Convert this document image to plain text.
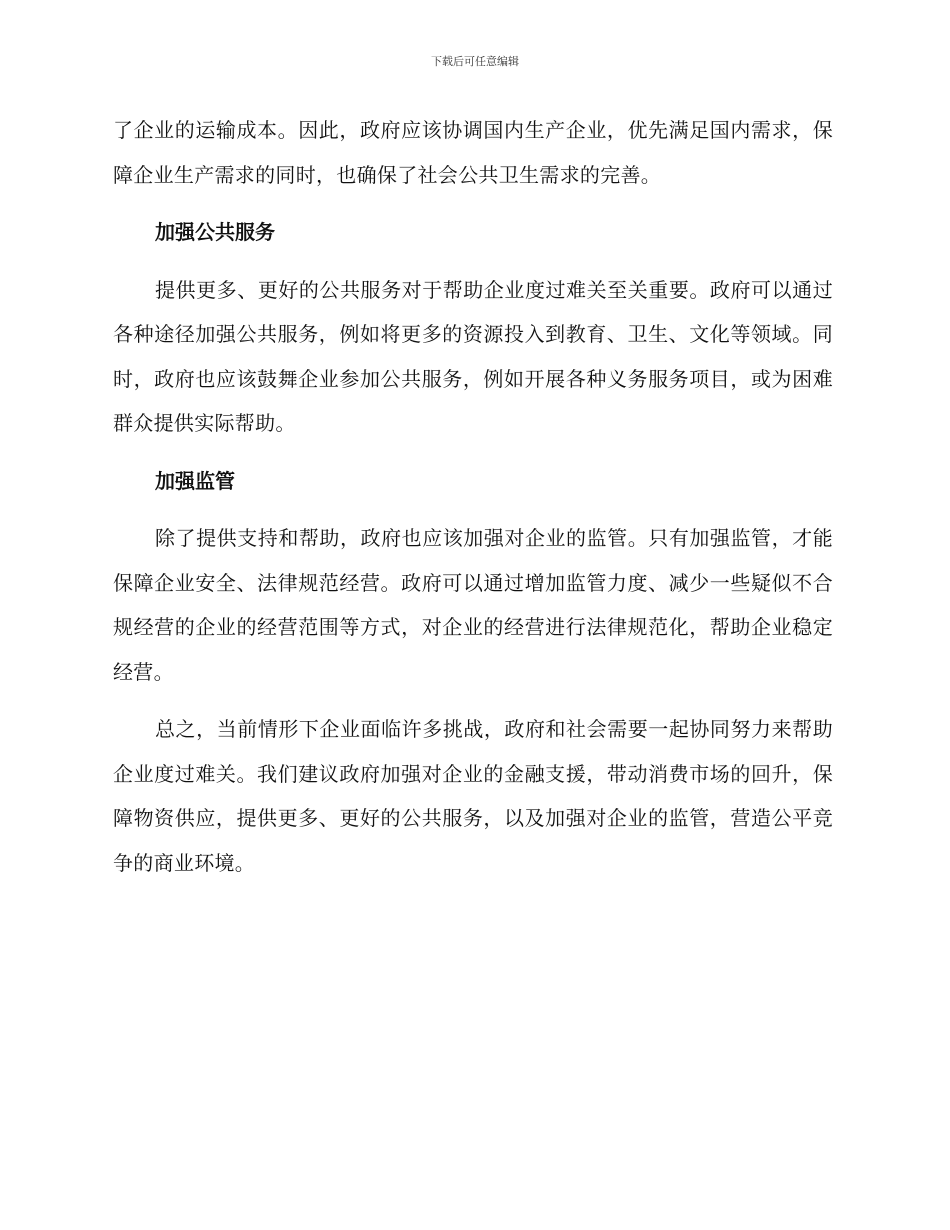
下载后可任意编辑

了企业的运输成本。因此，政府应该协调国内生产企业，优先满足国内需求，保障企业生产需求的同时，也确保了社会公共卫生需求的完善。

加强公共服务

提供更多、更好的公共服务对于帮助企业度过难关至关重要。政府可以通过各种途径加强公共服务，例如将更多的资源投入到教育、卫生、文化等领域。同时，政府也应该鼓舞企业参加公共服务，例如开展各种义务服务项目，或为困难群众提供实际帮助。

加强监管

除了提供支持和帮助，政府也应该加强对企业的监管。只有加强监管，才能保障企业安全、法律规范经营。政府可以通过增加监管力度、减少一些疑似不合规经营的企业的经营范围等方式，对企业的经营进行法律规范化，帮助企业稳定经营。

总之，当前情形下企业面临许多挑战，政府和社会需要一起协同努力来帮助企业度过难关。我们建议政府加强对企业的金融支援，带动消费市场的回升，保障物资供应，提供更多、更好的公共服务，以及加强对企业的监管，营造公平竞争的商业环境。
